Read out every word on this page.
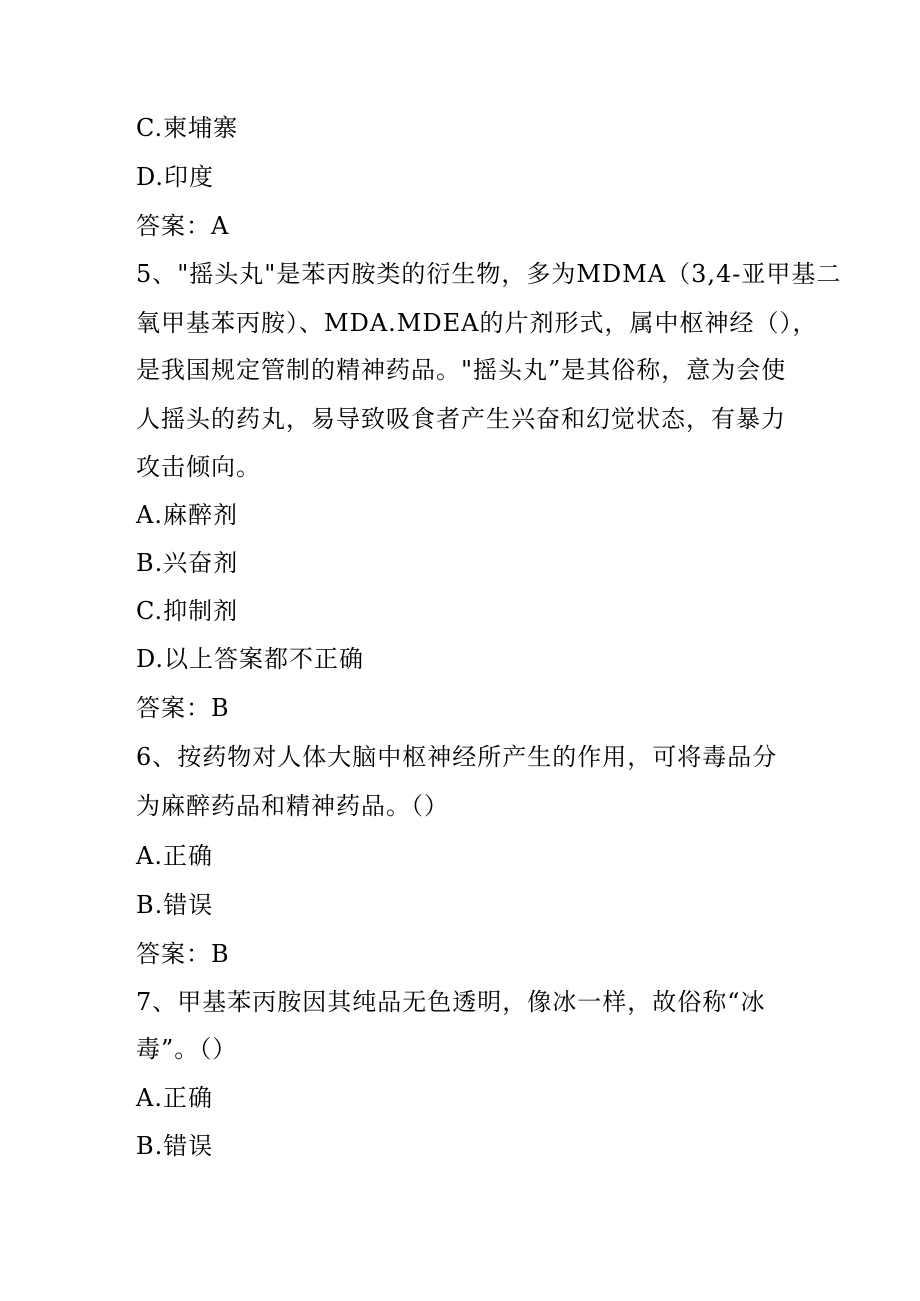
C.柬埔寨
D.印度
答案：A
5、"摇头丸"是苯丙胺类的衍生物，多为MDMA（3,4-亚甲基二
氧甲基苯丙胺）、MDA.MDEA的片剂形式，属中枢神经（），
是我国规定管制的精神药品。"摇头丸”是其俗称，意为会使
人摇头的药丸，易导致吸食者产生兴奋和幻觉状态，有暴力
攻击倾向。
A.麻醉剂
B.兴奋剂
C.抑制剂
D.以上答案都不正确
答案：B
6、按药物对人体大脑中枢神经所产生的作用，可将毒品分
为麻醉药品和精神药品。（）
A.正确
B.错误
答案：B
7、甲基苯丙胺因其纯品无色透明，像冰一样，故俗称“冰
毒”。（）
A.正确
B.错误
